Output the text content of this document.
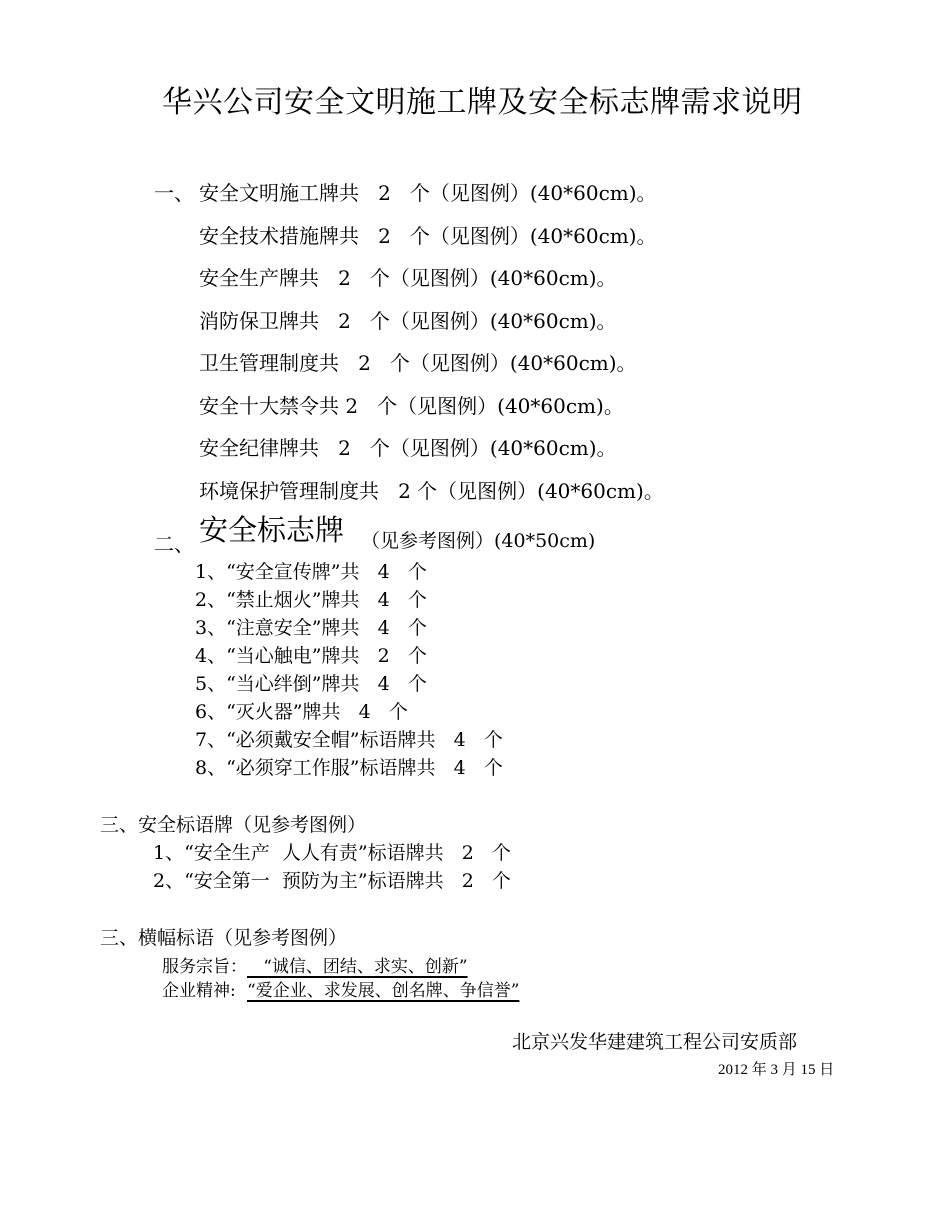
华兴公司安全文明施工牌及安全标志牌需求说明
一、 安全文明施工牌共   2   个（见图例）(40*60cm)。
安全技术措施牌共   2   个（见图例）(40*60cm)。
安全生产牌共   2   个（见图例）(40*60cm)。
消防保卫牌共   2   个（见图例）(40*60cm)。
卫生管理制度共   2   个（见图例）(40*60cm)。
安全十大禁令共 2   个（见图例）(40*60cm)。
安全纪律牌共   2   个（见图例）(40*60cm)。
环境保护管理制度共   2 个（见图例）(40*60cm)。
二、 安全标志牌 （见参考图例）(40*50cm)
1、“安全宣传牌”共   4   个
2、“禁止烟火”牌共   4   个
3、“注意安全”牌共   4   个
4、“当心触电”牌共   2   个
5、“当心绊倒”牌共   4   个
6、“灭火器”牌共   4   个
7、“必须戴安全帽”标语牌共   4   个
8、“必须穿工作服”标语牌共   4   个
三、安全标语牌（见参考图例）
1、“安全生产  人人有责”标语牌共   2   个
2、“安全第一  预防为主”标语牌共   2   个
三、横幅标语（见参考图例）
服务宗旨： “诚信、团结、求实、创新”
企业精神: “爱企业、求发展、创名牌、争信誉”
北京兴发华建建筑工程公司安质部
2012 年 3 月 15 日
